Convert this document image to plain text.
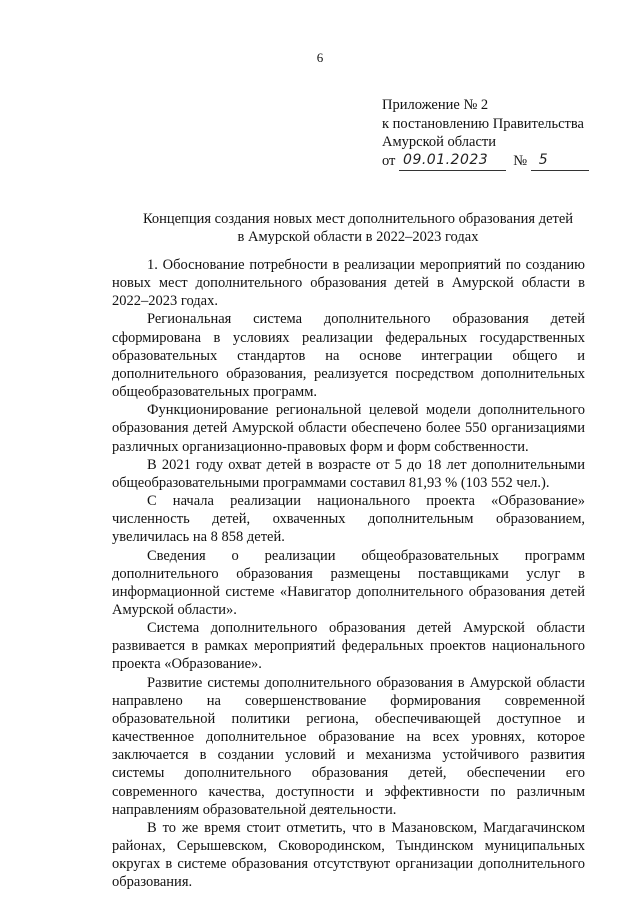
6
Приложение № 2
к постановлению Правительства
Амурской области
от 09.01.2023 № 5
Концепция создания новых мест дополнительного образования детей
в Амурской области в 2022–2023 годах

1. Обоснование потребности в реализации мероприятий по созданию новых мест дополнительного образования детей в Амурской области в 2022–2023 годах.

Региональная система дополнительного образования детей сформирована в условиях реализации федеральных государственных образовательных стандартов на основе интеграции общего и дополнительного образования, реализуется посредством дополнительных общеобразовательных программ.

Функционирование региональной целевой модели дополнительного образования детей Амурской области обеспечено более 550 организациями различных организационно-правовых форм и форм собственности.

В 2021 году охват детей в возрасте от 5 до 18 лет дополнительными общеобразовательными программами составил 81,93 % (103 552 чел.).

С начала реализации национального проекта «Образование» численность детей, охваченных дополнительным образованием, увеличилась на 8 858 детей.

Сведения о реализации общеобразовательных программ дополнительного образования размещены поставщиками услуг в информационной системе «Навигатор дополнительного образования детей Амурской области».

Система дополнительного образования детей Амурской области развивается в рамках мероприятий федеральных проектов национального проекта «Образование».

Развитие системы дополнительного образования в Амурской области направлено на совершенствование формирования современной образовательной политики региона, обеспечивающей доступное и качественное дополнительное образование на всех уровнях, которое заключается в создании условий и механизма устойчивого развития системы дополнительного образования детей, обеспечении его современного качества, доступности и эффективности по различным направлениям образовательной деятельности.

В то же время стоит отметить, что в Мазановском, Магдагачинском районах, Серышевском, Сковородинском, Тындинском муниципальных округах в системе образования отсутствуют организации дополнительного образования.
